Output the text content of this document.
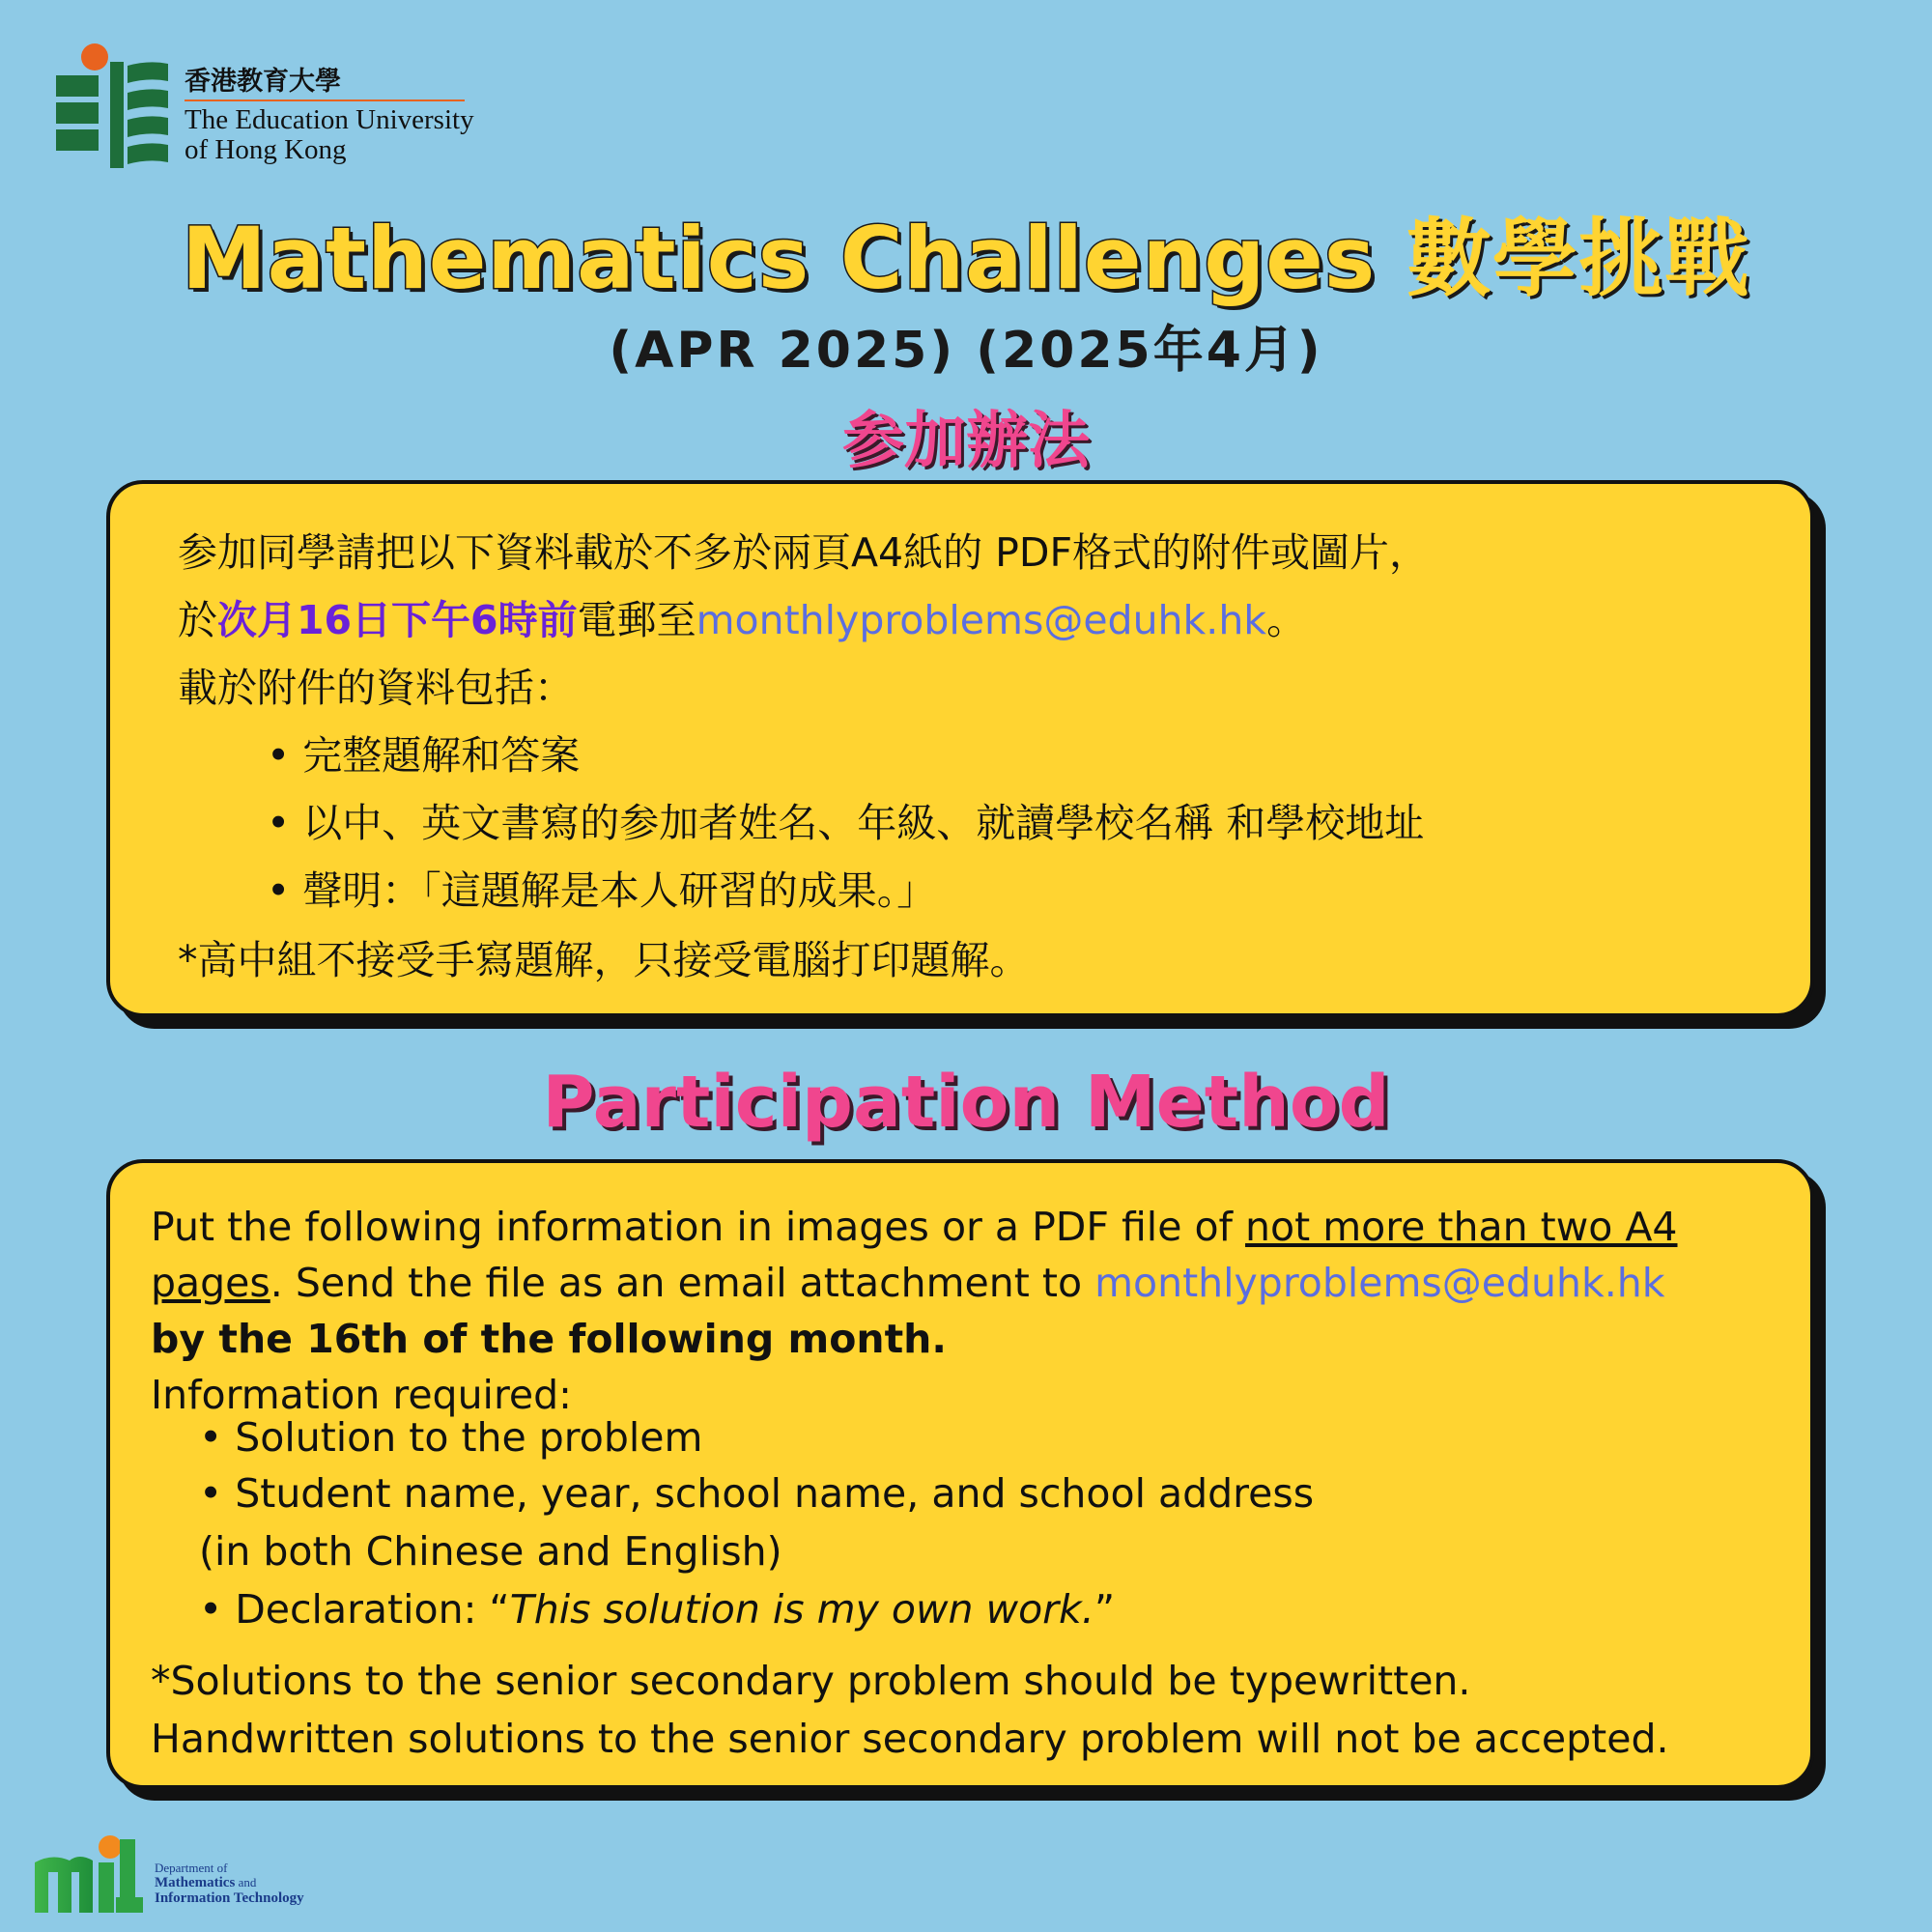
香港教育大學
The Education University
of Hong Kong
Mathematics Challenges 數學挑戰
(APR 2025) (2025年4月)
参加辦法
参加同學請把以下資料載於不多於兩頁A4紙的 PDF格式的附件或圖片，
於次月16日下午6時前電郵至monthlyproblems@eduhk.hk。
載於附件的資料包括：
• 完整題解和答案
• 以中、英文書寫的参加者姓名、年級、就讀學校名稱 和學校地址
• 聲明：「這題解是本人研習的成果。」
*高中組不接受手寫題解，只接受電腦打印題解。
Participation Method
Put the following information in images or a PDF file of not more than two A4
pages. Send the file as an email attachment to monthlyproblems@eduhk.hk
by the 16th of the following month.
Information required:
• Solution to the problem
• Student name, year, school name, and school address
(in both Chinese and English)
• Declaration: “This solution is my own work.”
*Solutions to the senior secondary problem should be typewritten.
Handwritten solutions to the senior secondary problem will not be accepted.
Department of
Mathematics and
Information Technology
